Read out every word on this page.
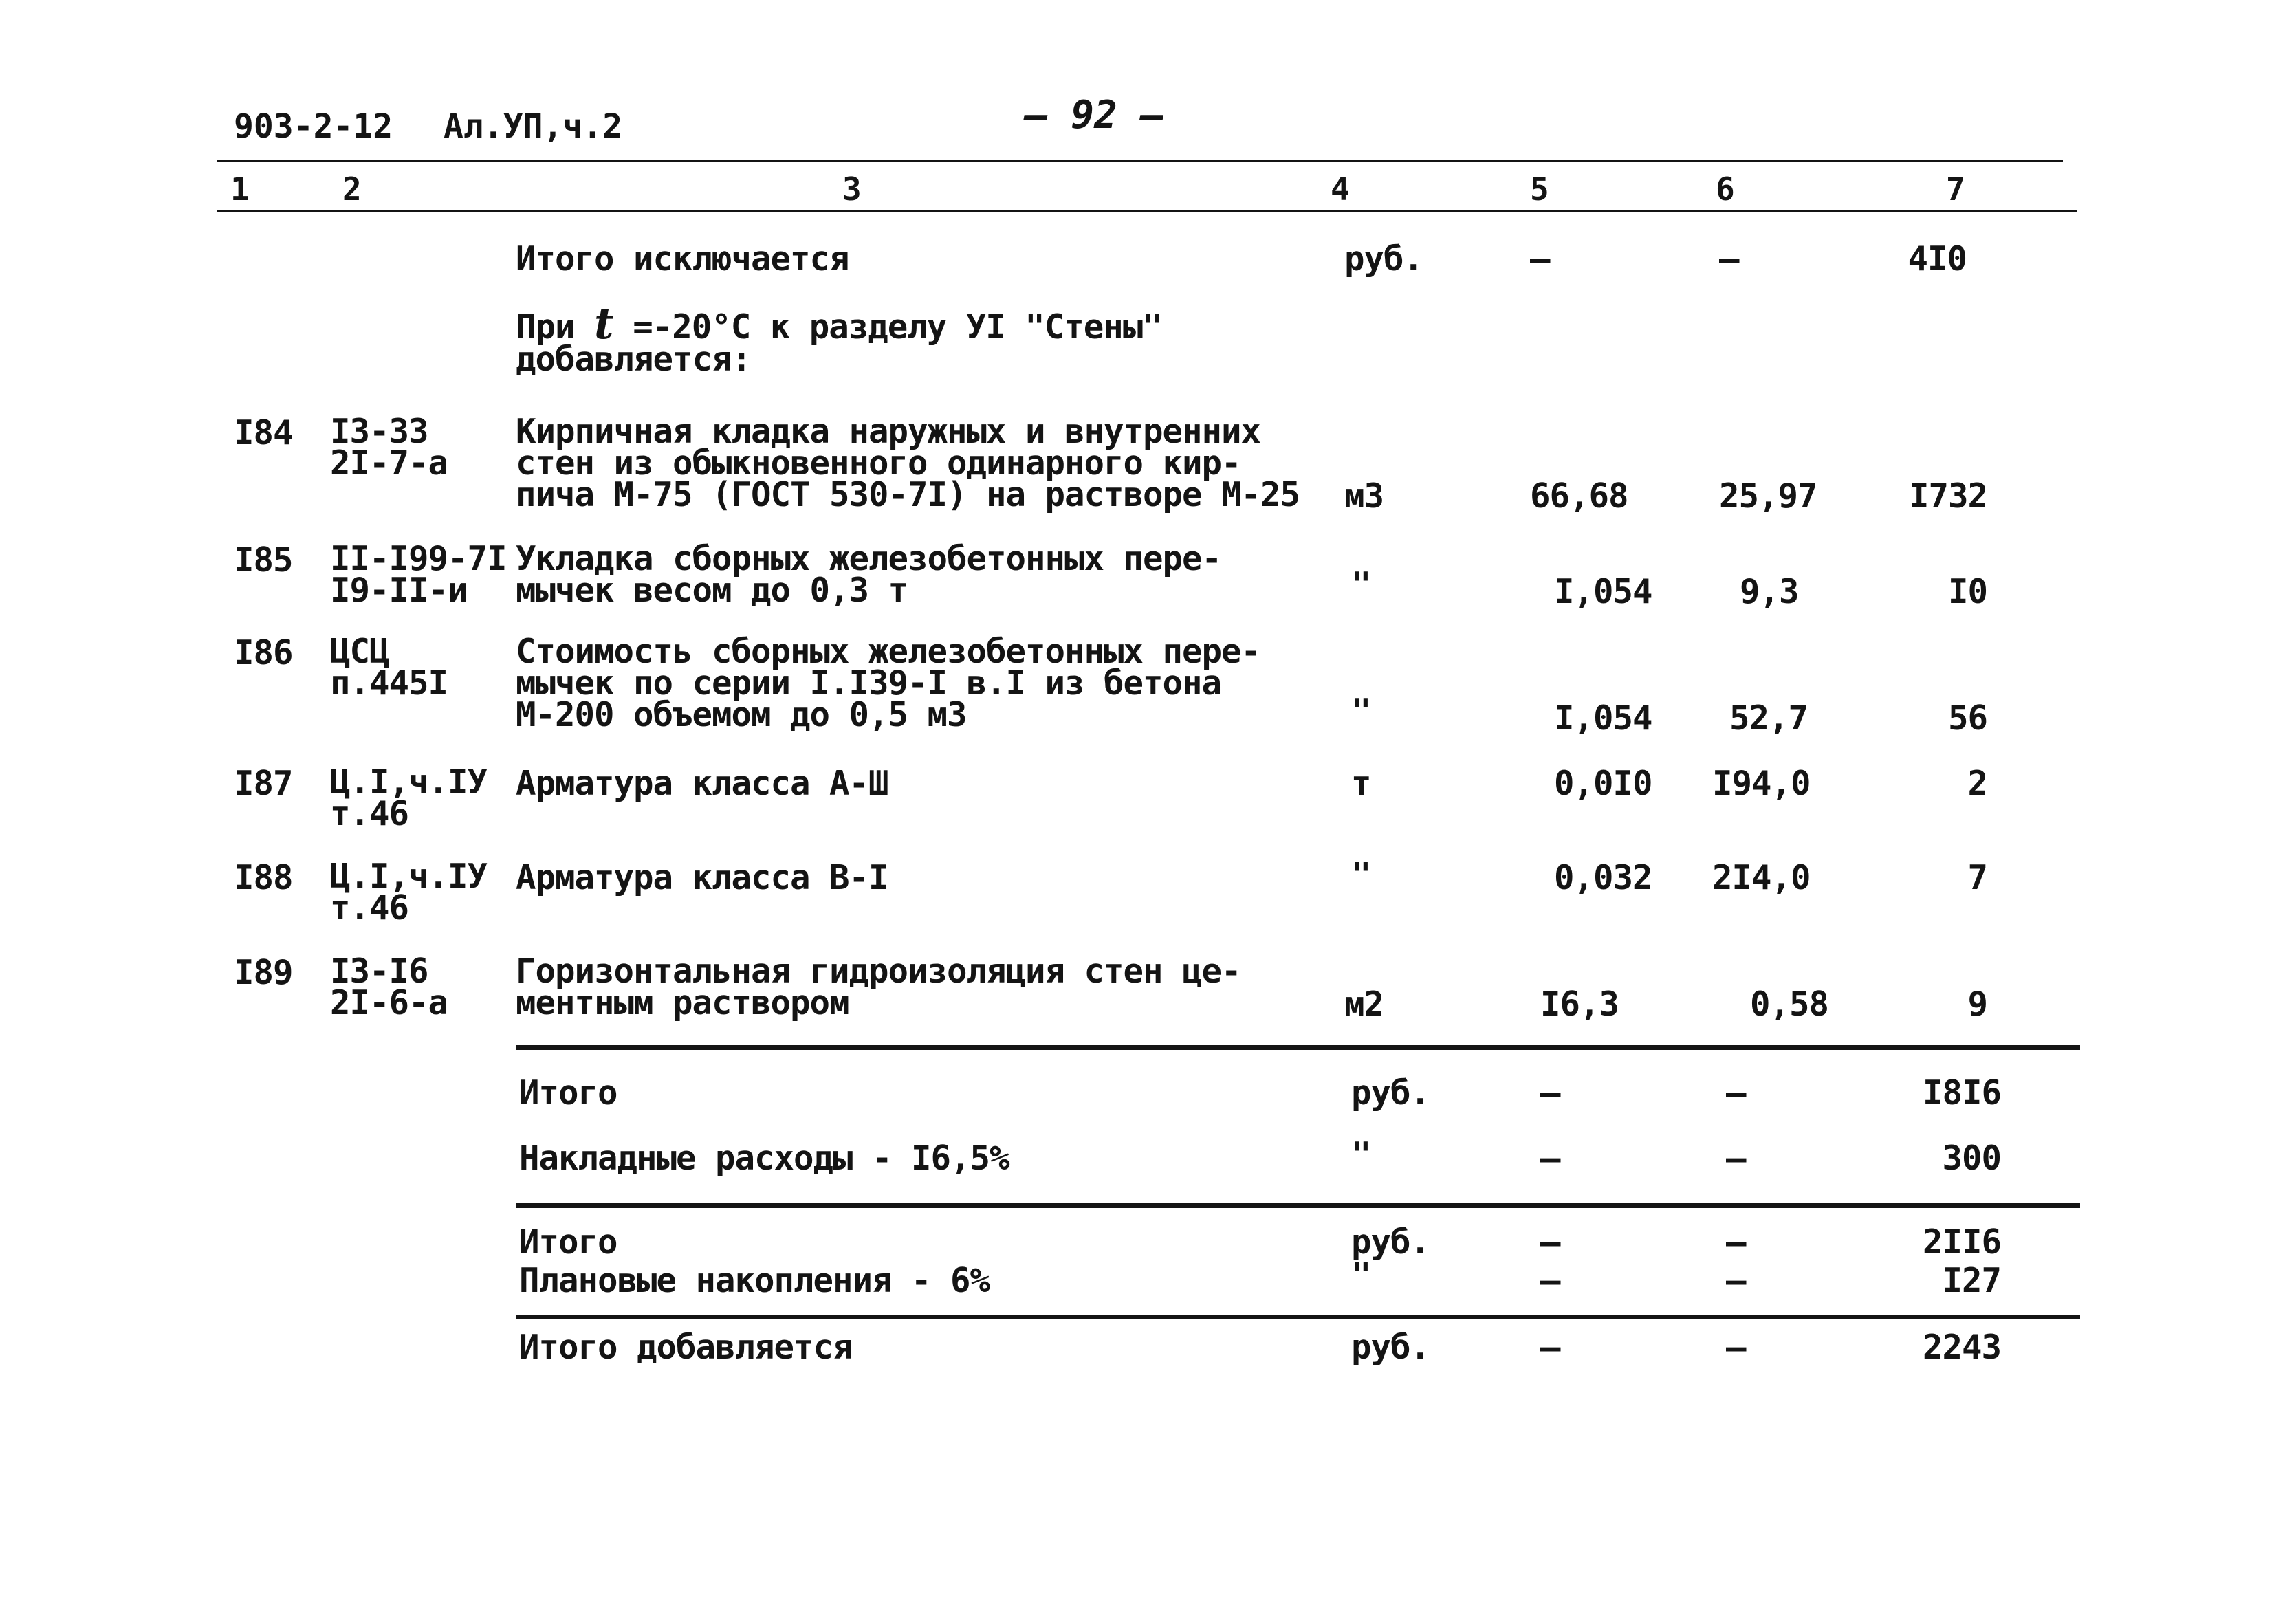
903-2-12 Ал.УП,ч.2	– 92 –
1	2	3	4	5	6	7
Итого исключается	руб.	–	–	4I0
При t =-20°С к разделу УI "Стены"
добавляется:
I84 I3-33
2I-7-а
Кирпичная кладка наружных и внутренних
стен из обыкновенного одинарного кир-
пича М-75 (ГОСТ 530-7I) на растворе М-25 м3	66,68	25,97	I732
I85 II-I99-7I
I9-II-и
Укладка сборных железобетонных пере-
мычек весом до 0,3 т	"	I,054	9,3	I0
I86 ЦСЦ
п.445I
Стоимость сборных железобетонных пере-
мычек по серии I.I39-I в.I из бетона
М-200 объемом до 0,5 м3	"	I,054 52,7	56
I87 Ц.I,ч.IУ
т.46
Арматура класса А-Ш	т	0,0I0 I94,0	2
I88 Ц.I,ч.IУ
т.46
Арматура класса В-I	"	0,032 2I4,0	7
I89 I3-I6
2I-6-а
Горизонтальная гидроизоляция стен це-
ментным раствором	м2	I6,3	0,58	9
Итого	руб.	–	–	I8I6
Накладные расходы - I6,5%	"	–	–	300
Итого	руб.	–	–	2II6
Плановые накопления - 6%	"	–	–	I27
Итого добавляется	руб.	–	–	2243
